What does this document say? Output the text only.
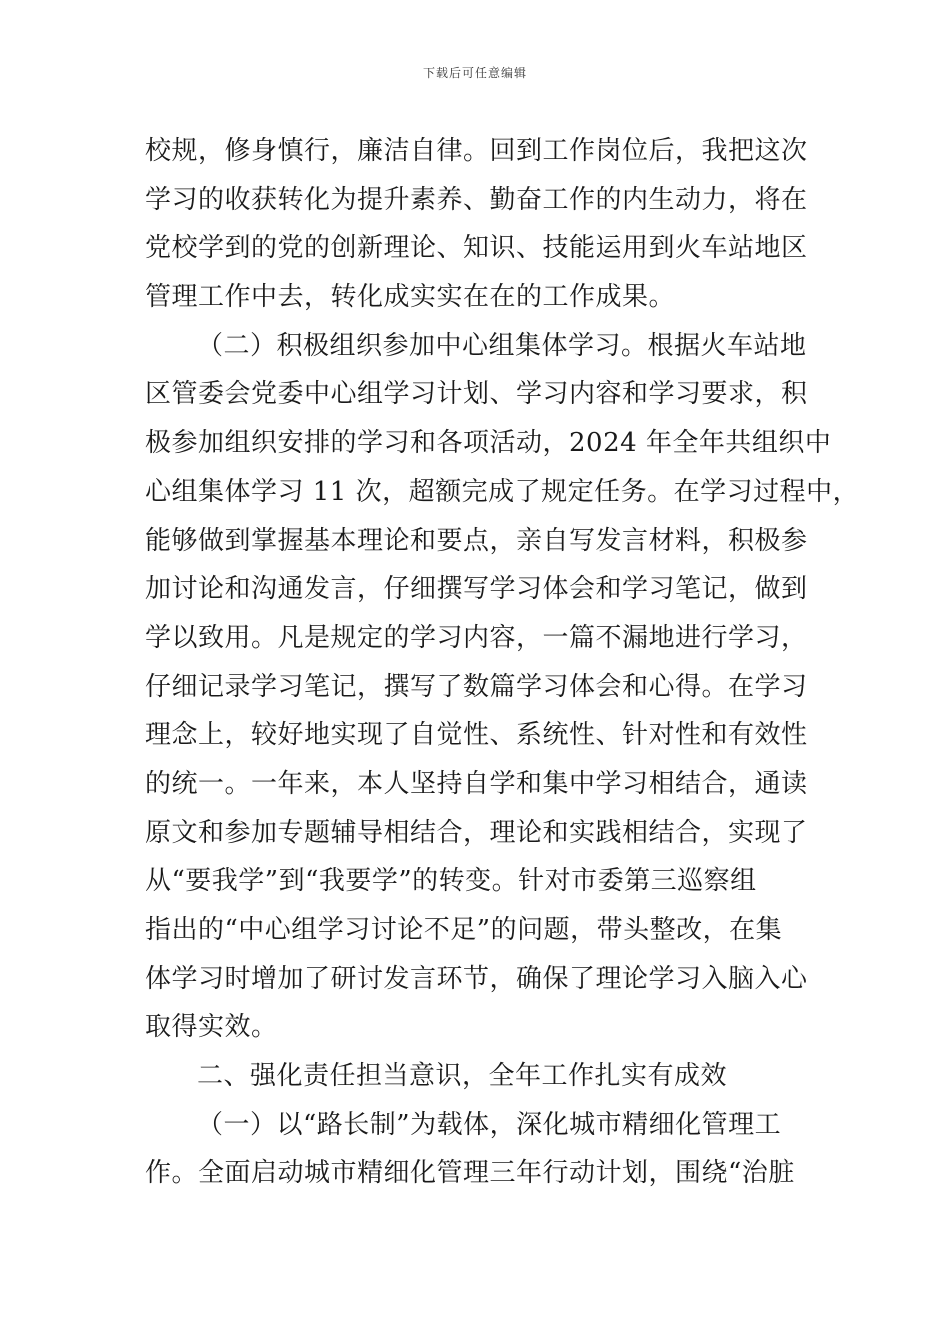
下载后可任意编辑
校规，修身慎行，廉洁自律。回到工作岗位后，我把这次
学习的收获转化为提升素养、勤奋工作的内生动力，将在
党校学到的党的创新理论、知识、技能运用到火车站地区
管理工作中去，转化成实实在在的工作成果。
（二）积极组织参加中心组集体学习。根据火车站地
区管委会党委中心组学习计划、学习内容和学习要求，积
极参加组织安排的学习和各项活动，2024 年全年共组织中
心组集体学习 11 次，超额完成了规定任务。在学习过程中，
能够做到掌握基本理论和要点，亲自写发言材料，积极参
加讨论和沟通发言，仔细撰写学习体会和学习笔记，做到
学以致用。凡是规定的学习内容，一篇不漏地进行学习，
仔细记录学习笔记，撰写了数篇学习体会和心得。在学习
理念上，较好地实现了自觉性、系统性、针对性和有效性
的统一。一年来，本人坚持自学和集中学习相结合，通读
原文和参加专题辅导相结合，理论和实践相结合，实现了
从“要我学”到“我要学”的转变。针对市委第三巡察组
指出的“中心组学习讨论不足”的问题，带头整改，在集
体学习时增加了研讨发言环节，确保了理论学习入脑入心
取得实效。
二、强化责任担当意识，全年工作扎实有成效
（一）以“路长制”为载体，深化城市精细化管理工
作。全面启动城市精细化管理三年行动计划，围绕“治脏
